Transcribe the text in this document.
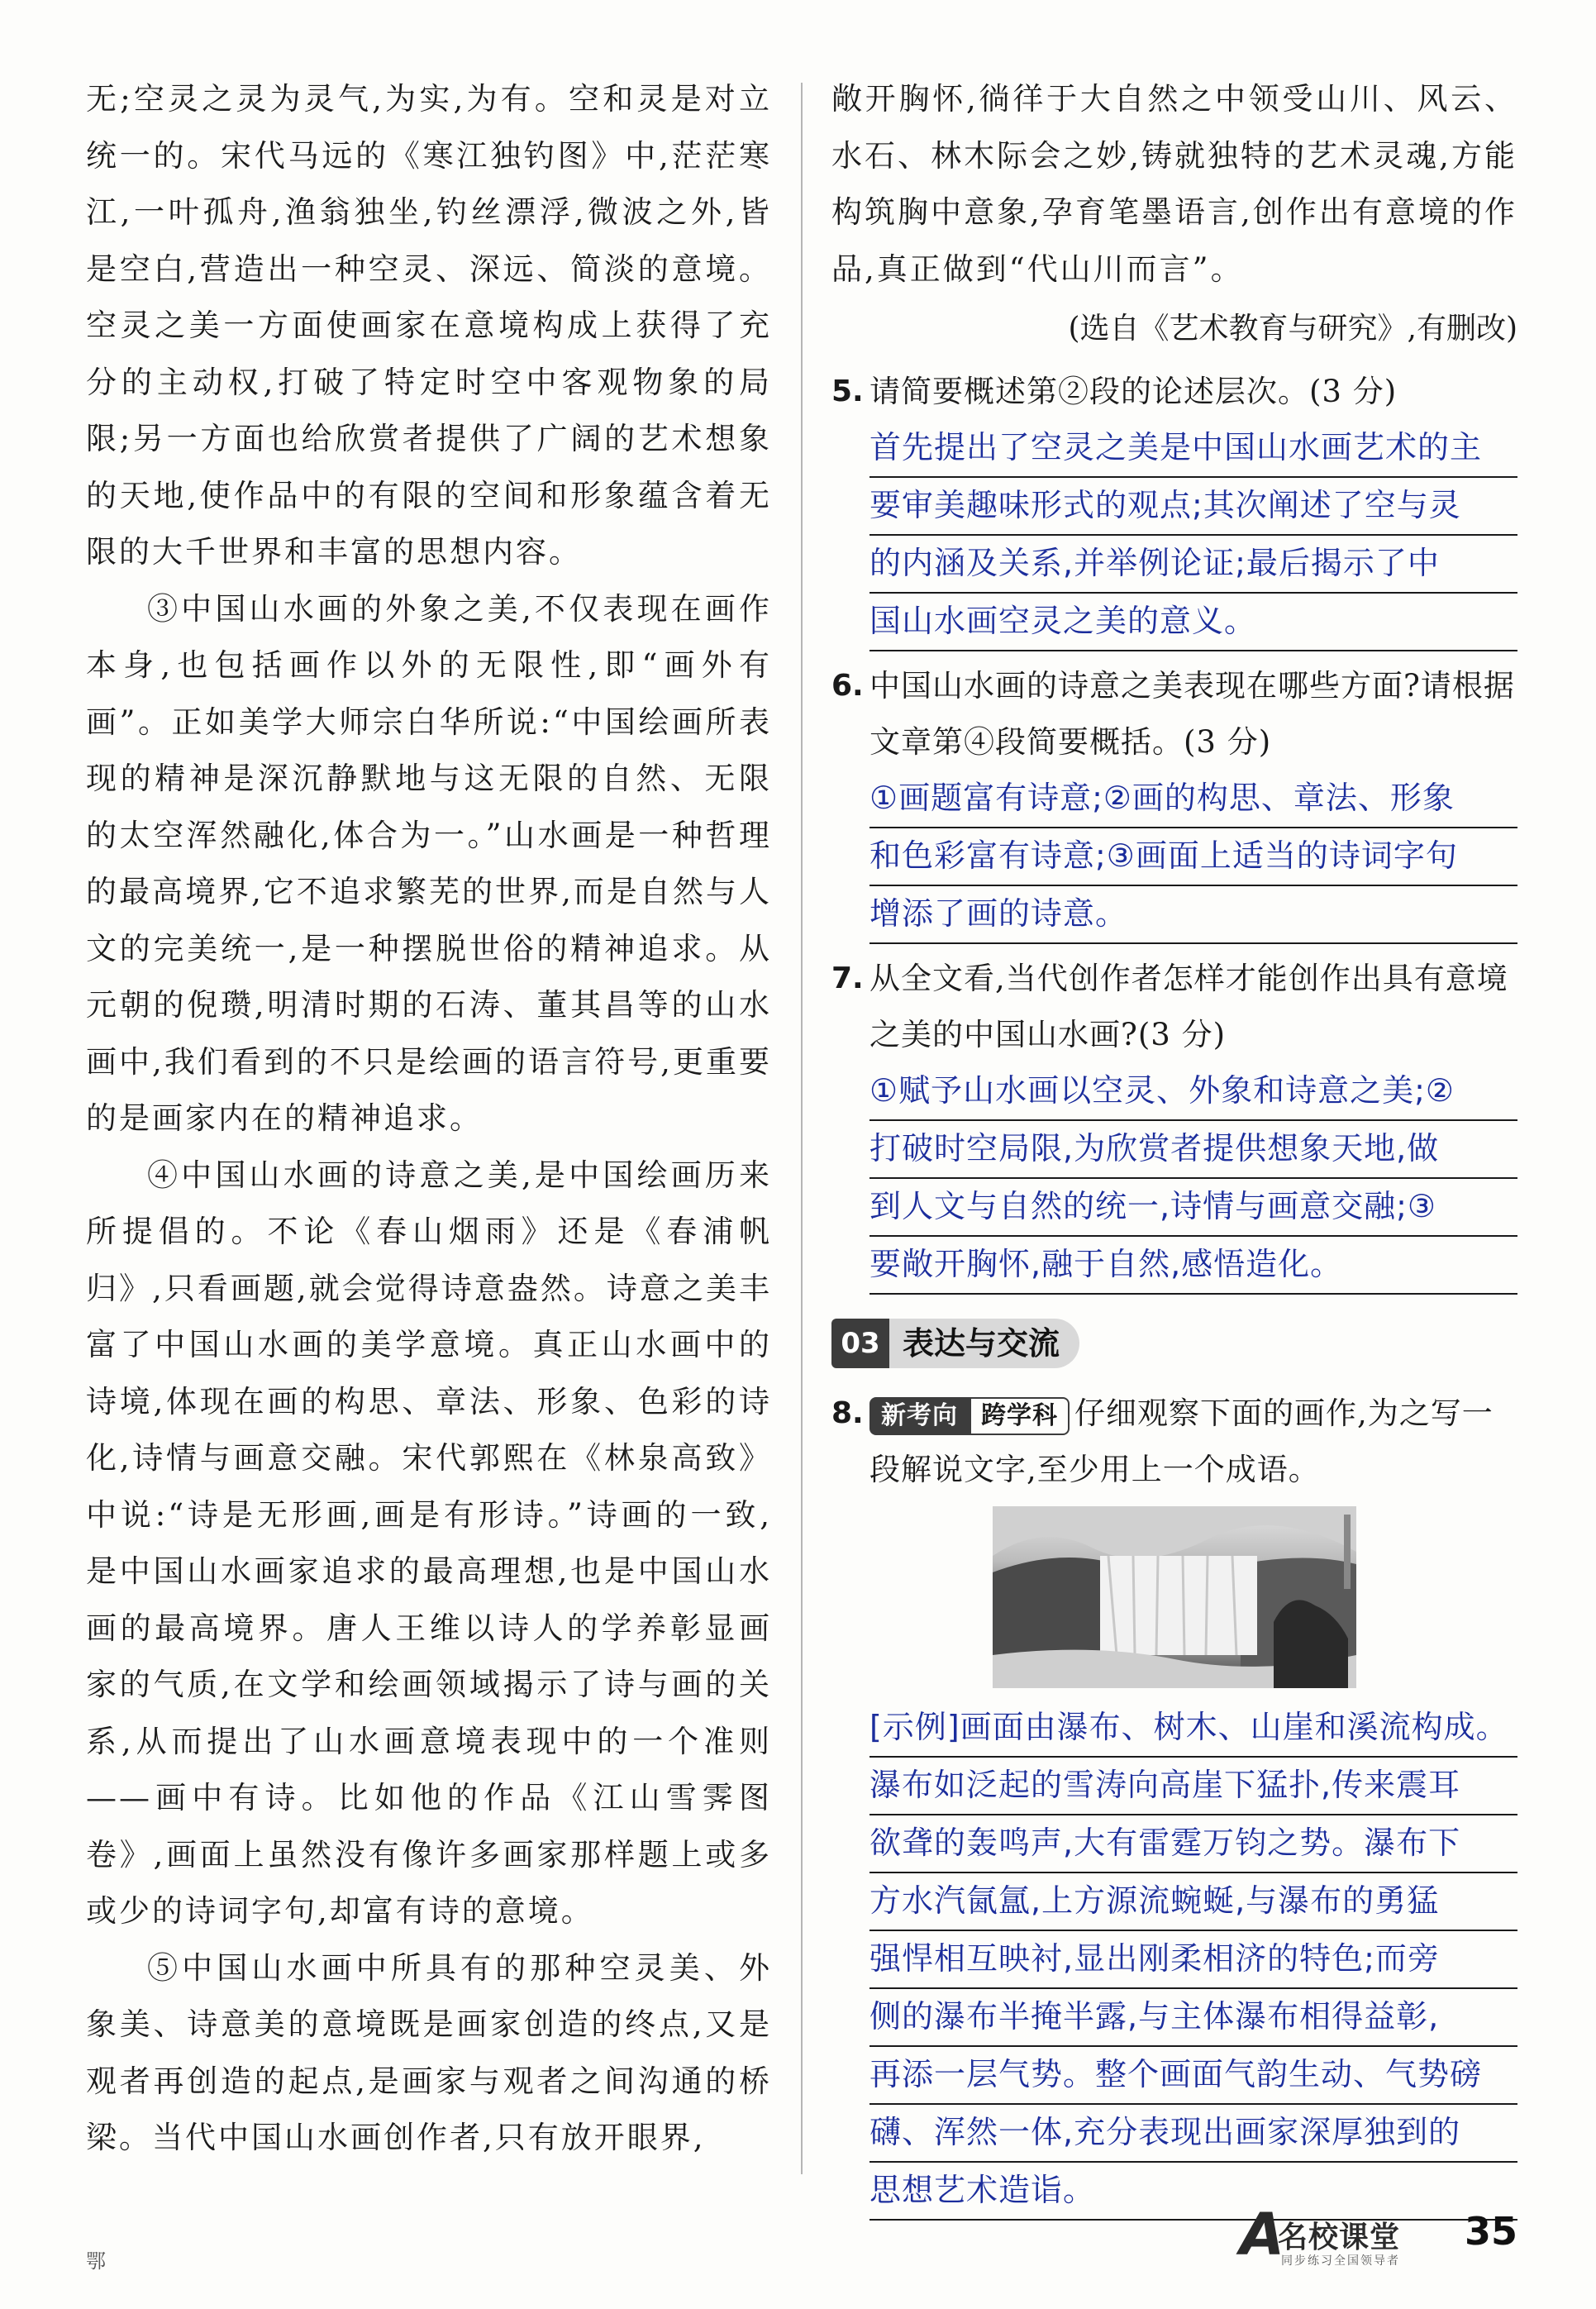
无;空灵之灵为灵气,为实,为有。空和灵是对立统一的。宋代马远的《寒江独钓图》中,茫茫寒江,一叶孤舟,渔翁独坐,钓丝漂浮,微波之外,皆是空白,营造出一种空灵、深远、简淡的意境。空灵之美一方面使画家在意境构成上获得了充分的主动权,打破了特定时空中客观物象的局限;另一方面也给欣赏者提供了广阔的艺术想象的天地,使作品中的有限的空间和形象蕴含着无限的大千世界和丰富的思想内容。

③中国山水画的外象之美,不仅表现在画作本身,也包括画作以外的无限性,即“画外有画”。正如美学大师宗白华所说:“中国绘画所表现的精神是深沉静默地与这无限的自然、无限的太空浑然融化,体合为一。”山水画是一种哲理的最高境界,它不追求繁芜的世界,而是自然与人文的完美统一,是一种摆脱世俗的精神追求。从元朝的倪瓒,明清时期的石涛、董其昌等的山水画中,我们看到的不只是绘画的语言符号,更重要的是画家内在的精神追求。

④中国山水画的诗意之美,是中国绘画历来所提倡的。不论《春山烟雨》还是《春浦帆归》,只看画题,就会觉得诗意盎然。诗意之美丰富了中国山水画的美学意境。真正山水画中的诗境,体现在画的构思、章法、形象、色彩的诗化,诗情与画意交融。宋代郭熙在《林泉高致》中说:“诗是无形画,画是有形诗。”诗画的一致,是中国山水画家追求的最高理想,也是中国山水画的最高境界。唐人王维以诗人的学养彰显画家的气质,在文学和绘画领域揭示了诗与画的关系,从而提出了山水画意境表现中的一个准则——画中有诗。比如他的作品《江山雪霁图卷》,画面上虽然没有像许多画家那样题上或多或少的诗词字句,却富有诗的意境。

⑤中国山水画中所具有的那种空灵美、外象美、诗意美的意境既是画家创造的终点,又是观者再创造的起点,是画家与观者之间沟通的桥梁。当代中国山水画创作者,只有放开眼界,

敞开胸怀,徜徉于大自然之中领受山川、风云、水石、林木际会之妙,铸就独特的艺术灵魂,方能构筑胸中意象,孕育笔墨语言,创作出有意境的作品,真正做到“代山川而言”。

(选自《艺术教育与研究》,有删改)
5. 请简要概述第②段的论述层次。(3 分)
首先提出了空灵之美是中国山水画艺术的主
要审美趣味形式的观点;其次阐述了空与灵
的内涵及关系,并举例论证;最后揭示了中
国山水画空灵之美的意义。
6. 中国山水画的诗意之美表现在哪些方面?请根据文章第④段简要概括。(3 分)
①画题富有诗意;②画的构思、章法、形象
和色彩富有诗意;③画面上适当的诗词字句
增添了画的诗意。
7. 从全文看,当代创作者怎样才能创作出具有意境之美的中国山水画?(3 分)
①赋予山水画以空灵、外象和诗意之美;②
打破时空局限,为欣赏者提供想象天地,做
到人文与自然的统一,诗情与画意交融;③
要敞开胸怀,融于自然,感悟造化。
03 表达与交流
8. 新考向 跨学科 仔细观察下面的画作,为之写一段解说文字,至少用上一个成语。
[示例]画面由瀑布、树木、山崖和溪流构成。
瀑布如泛起的雪涛向高崖下猛扑,传来震耳
欲聋的轰鸣声,大有雷霆万钧之势。瀑布下
方水汽氤氲,上方源流蜿蜒,与瀑布的勇猛
强悍相互映衬,显出刚柔相济的特色;而旁
侧的瀑布半掩半露,与主体瀑布相得益彰,
再添一层气势。整个画面气韵生动、气势磅
礴、浑然一体,充分表现出画家深厚独到的
思想艺术造诣。
鄂	A
名校课堂
同步练习全国领导者
35
